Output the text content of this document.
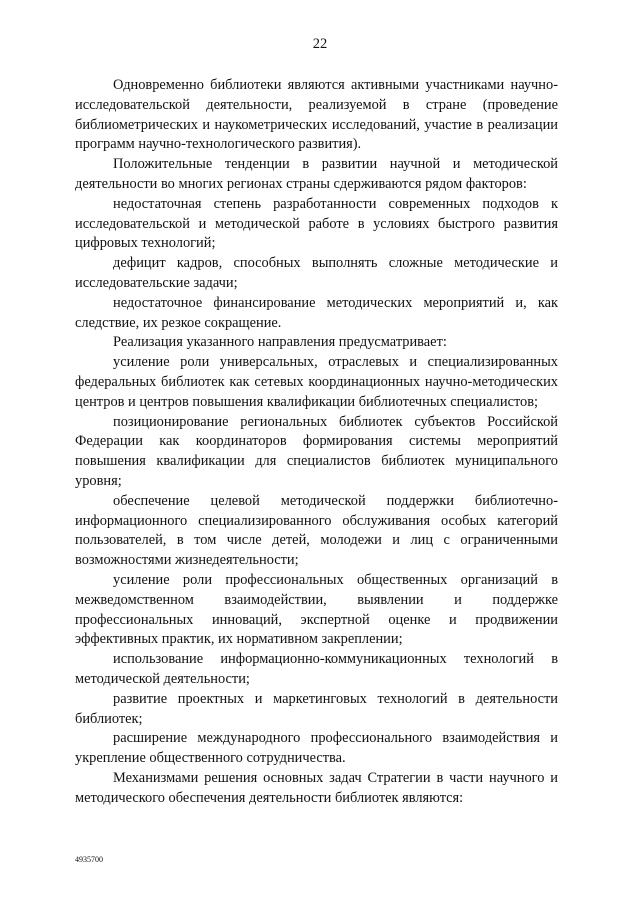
22

Одновременно библиотеки являются активными участниками научно-исследовательской деятельности, реализуемой в стране (проведение библиометрических и наукометрических исследований, участие в реализации программ научно-технологического развития).

Положительные тенденции в развитии научной и методической деятельности во многих регионах страны сдерживаются рядом факторов:

недостаточная степень разработанности современных подходов к исследовательской и методической работе в условиях быстрого развития цифровых технологий;

дефицит кадров, способных выполнять сложные методические и исследовательские задачи;

недостаточное финансирование методических мероприятий и, как следствие, их резкое сокращение.

Реализация указанного направления предусматривает:

усиление роли универсальных, отраслевых и специализированных федеральных библиотек как сетевых координационных научно-методических центров и центров повышения квалификации библиотечных специалистов;

позиционирование региональных библиотек субъектов Российской Федерации как координаторов формирования системы мероприятий повышения квалификации для специалистов библиотек муниципального уровня;

обеспечение целевой методической поддержки библиотечно-информационного специализированного обслуживания особых категорий пользователей, в том числе детей, молодежи и лиц с ограниченными возможностями жизнедеятельности;

усиление роли профессиональных общественных организаций в межведомственном взаимодействии, выявлении и поддержке профессиональных инноваций, экспертной оценке и продвижении эффективных практик, их нормативном закреплении;

использование информационно-коммуникационных технологий в методической деятельности;

развитие проектных и маркетинговых технологий в деятельности библиотек;

расширение международного профессионального взаимодействия и укрепление общественного сотрудничества.

Механизмами решения основных задач Стратегии в части научного и методического обеспечения деятельности библиотек являются:

4935700
